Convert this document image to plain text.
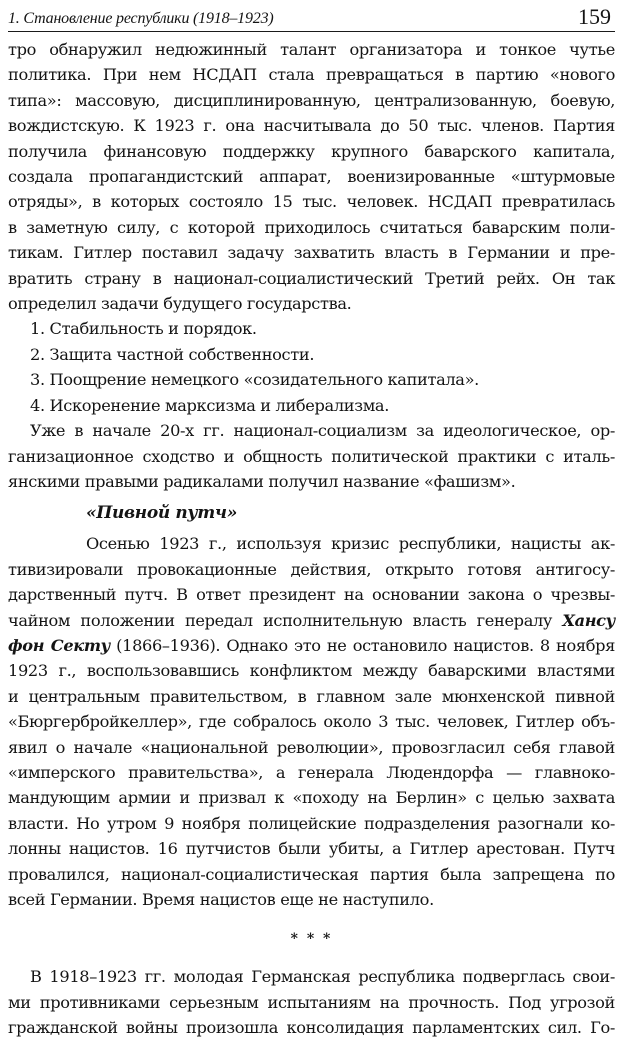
1. Становление республики (1918–1923)	159

тро обнаружил недюжинный талант организатора и тонкое чутье

политика. При нем НСДАП стала превращаться в партию «нового

типа»: массовую, дисциплинированную, централизованную, боевую,

вождистскую. К 1923 г. она насчитывала до 50 тыс. членов. Партия

получила финансовую поддержку крупного баварского капитала,

создала пропагандистский аппарат, военизированные «штурмовые

отряды», в которых состояло 15 тыс. человек. НСДАП превратилась

в заметную силу, с которой приходилось считаться баварским поли-

тикам. Гитлер поставил задачу захватить власть в Германии и пре-

вратить страну в национал-социалистический Третий рейх. Он так

определил задачи будущего государства.

1. Стабильность и порядок.

2. Защита частной собственности.

3. Поощрение немецкого «созидательного капитала».

4. Искоренение марксизма и либерализма.

Уже в начале 20-х гг. национал-социализм за идеологическое, ор-

ганизационное сходство и общность политической практики с италь-

янскими правыми радикалами получил название «фашизм».

«Пивной путч»

Осенью 1923 г., используя кризис республики, нацисты ак-

тивизировали провокационные действия, открыто готовя антигосу-

дарственный путч. В ответ президент на основании закона о чрезвы-

чайном положении передал исполнительную власть генералу Хансу

фон Секту (1866–1936). Однако это не остановило нацистов. 8 ноября

1923 г., воспользовавшись конфликтом между баварскими властями

и центральным правительством, в главном зале мюнхенской пивной

«Бюргербройкеллер», где собралось около 3 тыс. человек, Гитлер объ-

явил о начале «национальной революции», провозгласил себя главой

«имперского правительства», а генерала Людендорфа — главноко-

мандующим армии и призвал к «походу на Берлин» с целью захвата

власти. Но утром 9 ноября полицейские подразделения разогнали ко-

лонны нацистов. 16 путчистов были убиты, а Гитлер арестован. Путч

провалился, национал-социалистическая партия была запрещена по

всей Германии. Время нацистов еще не наступило.

* * *

В 1918–1923 гг. молодая Германская республика подверглась свои-

ми противниками серьезным испытаниям на прочность. Под угрозой

гражданской войны произошла консолидация парламентских сил. Го-
